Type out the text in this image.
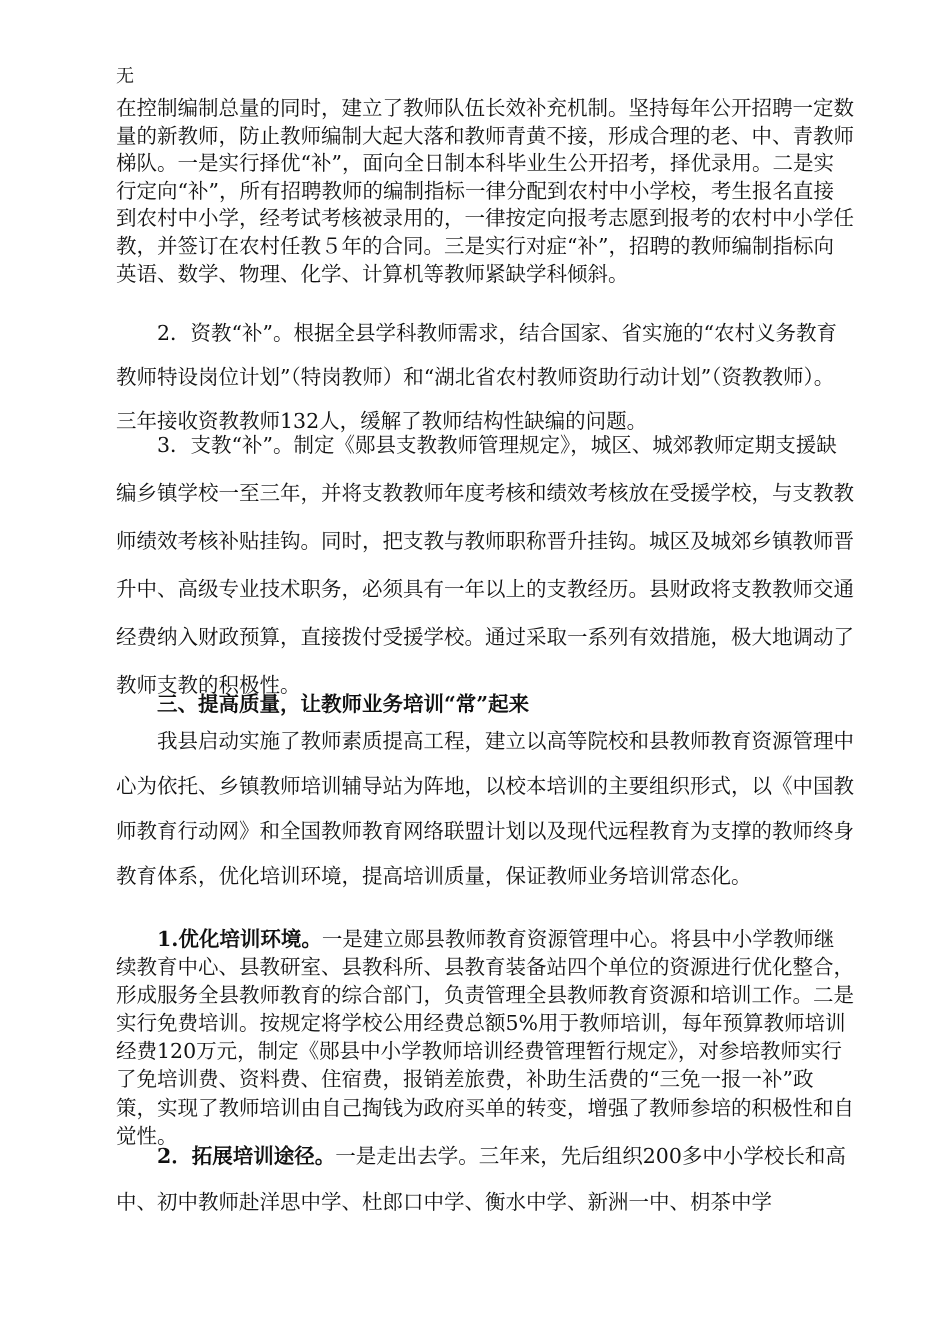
无

在控制编制总量的同时，建立了教师队伍长效补充机制。坚持每年公开招聘一定数量的新教师，防止教师编制大起大落和教师青黄不接，形成合理的老、中、青教师梯队。一是实行择优“补”，面向全日制本科毕业生公开招考，择优录用。二是实行定向“补”，所有招聘教师的编制指标一律分配到农村中小学校，考生报名直接到农村中小学，经考试考核被录用的，一律按定向报考志愿到报考的农村中小学任教，并签订在农村任教５年的合同。三是实行对症“补”，招聘的教师编制指标向英语、数学、物理、化学、计算机等教师紧缺学科倾斜。

2．资教“补”。根据全县学科教师需求，结合国家、省实施的“农村义务教育教师特设岗位计划”（特岗教师）和“湖北省农村教师资助行动计划”（资教教师）。三年接收资教教师132人，缓解了教师结构性缺编的问题。

3．支教“补”。制定《郧县支教教师管理规定》，城区、城郊教师定期支援缺编乡镇学校一至三年，并将支教教师年度考核和绩效考核放在受援学校，与支教教师绩效考核补贴挂钩。同时，把支教与教师职称晋升挂钩。城区及城郊乡镇教师晋升中、高级专业技术职务，必须具有一年以上的支教经历。县财政将支教教师交通经费纳入财政预算，直接拨付受援学校。通过采取一系列有效措施，极大地调动了教师支教的积极性。

三、提高质量，让教师业务培训“常”起来

我县启动实施了教师素质提高工程，建立以高等院校和县教师教育资源管理中心为依托、乡镇教师培训辅导站为阵地，以校本培训的主要组织形式，以《中国教师教育行动网》和全国教师教育网络联盟计划以及现代远程教育为支撑的教师终身教育体系，优化培训环境，提高培训质量，保证教师业务培训常态化。

1.优化培训环境。一是建立郧县教师教育资源管理中心。将县中小学教师继续教育中心、县教研室、县教科所、县教育装备站四个单位的资源进行优化整合，形成服务全县教师教育的综合部门，负责管理全县教师教育资源和培训工作。二是实行免费培训。按规定将学校公用经费总额5%用于教师培训，每年预算教师培训经费120万元，制定《郧县中小学教师培训经费管理暂行规定》，对参培教师实行了免培训费、资料费、住宿费，报销差旅费，补助生活费的“三免一报一补”政策，实现了教师培训由自己掏钱为政府买单的转变，增强了教师参培的积极性和自觉性。

2．拓展培训途径。一是走出去学。三年来，先后组织200多中小学校长和高中、初中教师赴洋思中学、杜郎口中学、衡水中学、新洲一中、枂茶中学
